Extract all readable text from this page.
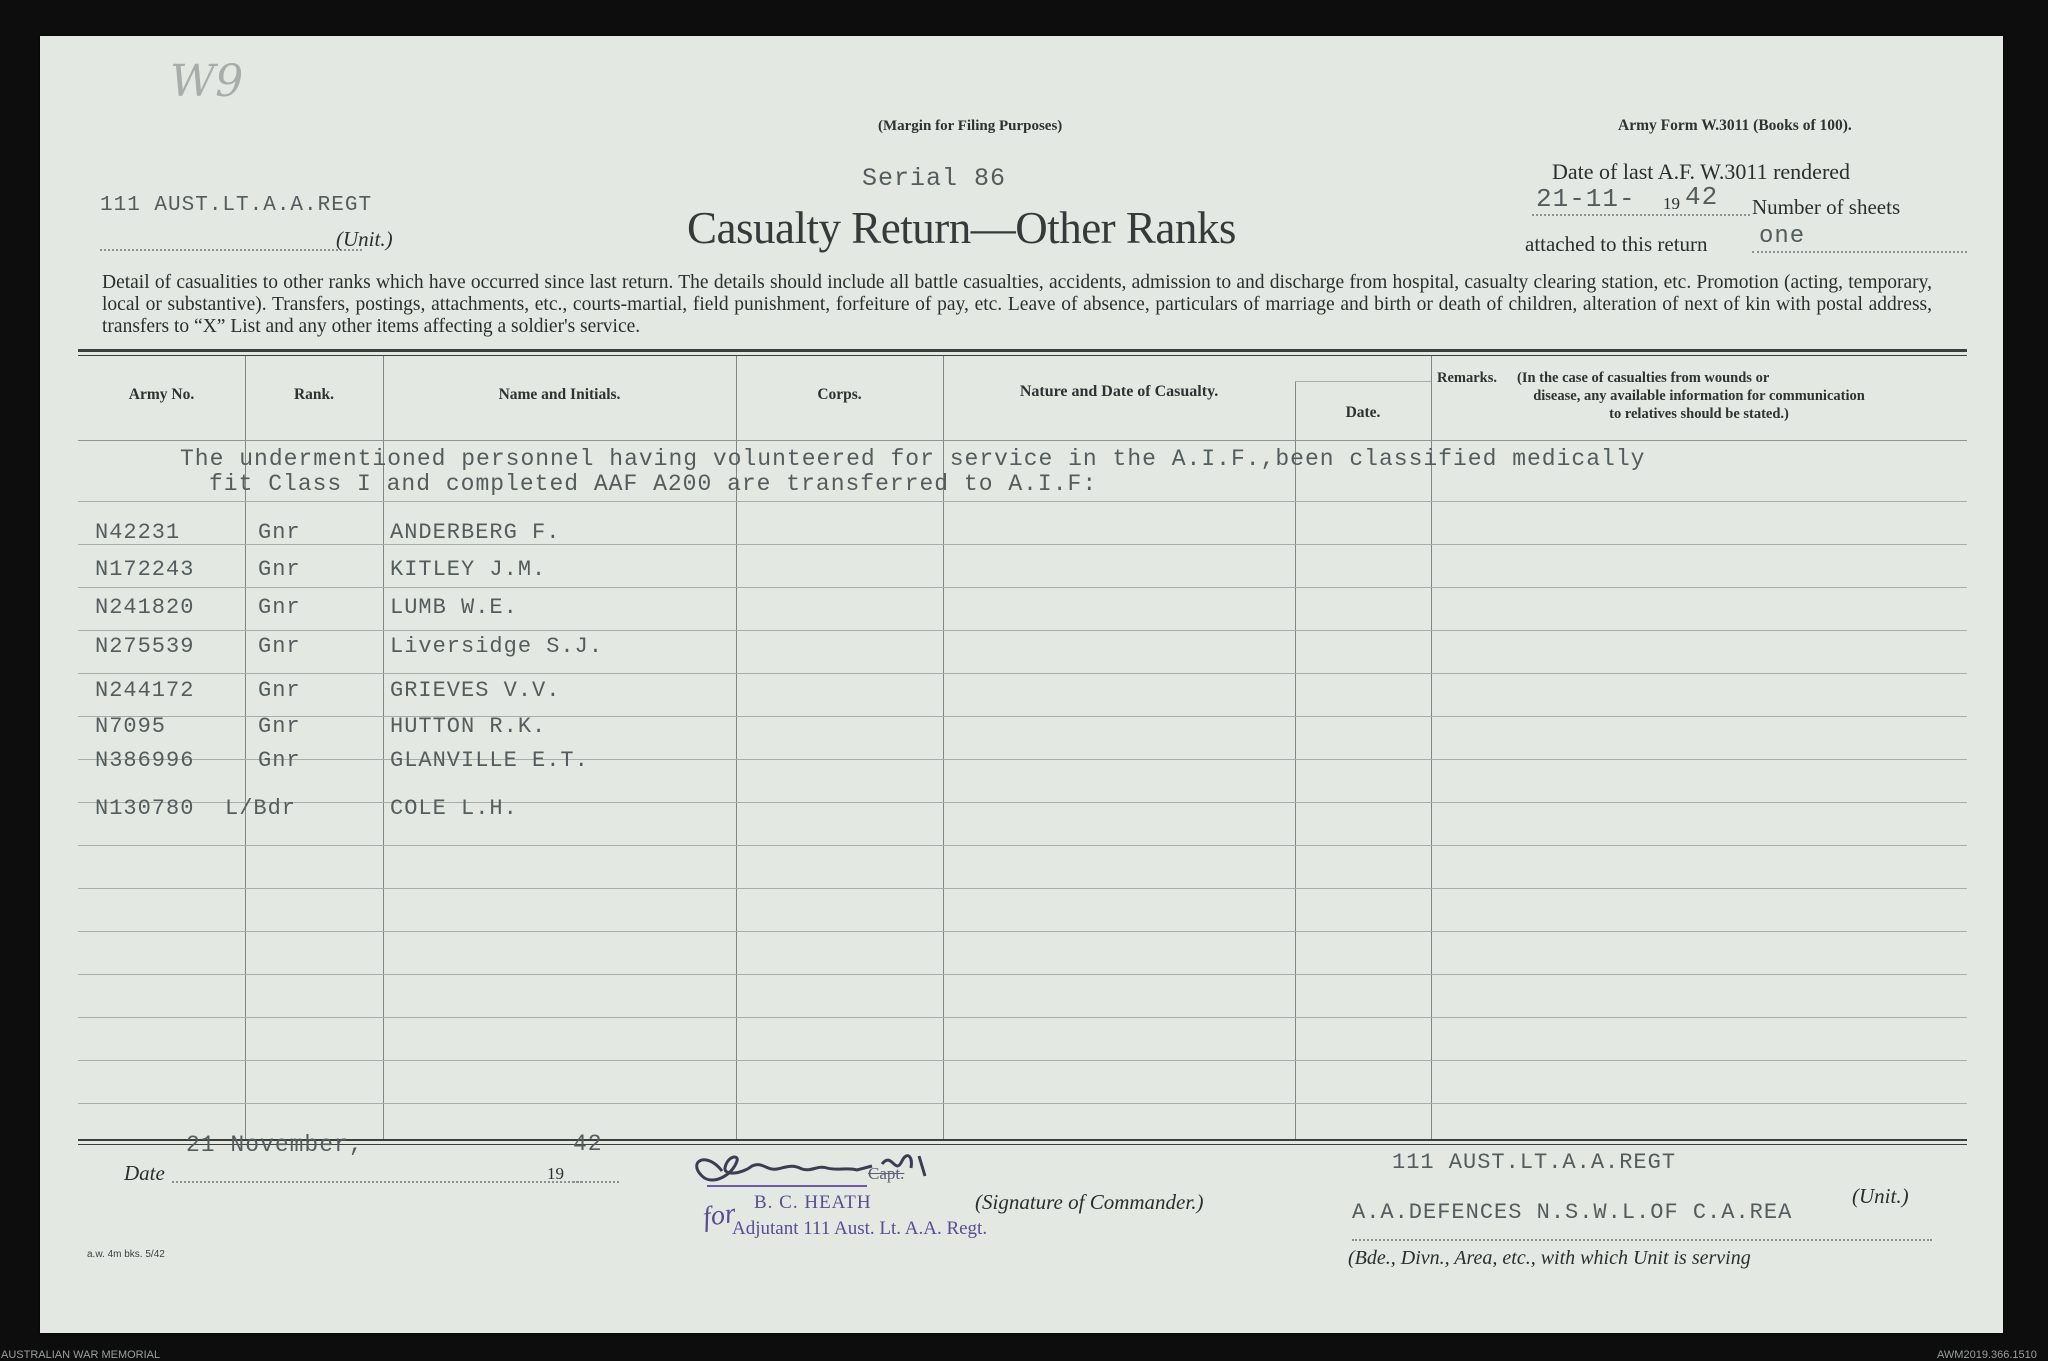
W9
(Margin for Filing Purposes)	Army Form W.3011 (Books of 100).
Serial 86
Casualty Return—Other Ranks
111 AUST.LT.A.A.REGT
(Unit.)
Date of last A.F. W.3011 rendered
21-11- 19 42 Number of sheets
attached to this return one
Detail of casualities to other ranks which have occurred since last return. The details should include all battle casualties, accidents, admission to and discharge from hospital, casualty clearing station, etc. Promotion (acting, temporary, local or substantive). Transfers, postings, attachments, etc., courts-martial, field punishment, forfeiture of pay, etc. Leave of absence, particulars of marriage and birth or death of children, alteration of next of kin with postal address, transfers to “X” List and any other items affecting a soldier's service.
Army No.	Rank.	Name and Initials.	Corps.	Nature and Date of Casualty.
Date.
Remarks. (In the case of casualties from wounds or
disease, any available information for communication
to relatives should be stated.)
The undermentioned personnel having volunteered for service in the A.I.F.,been classified medically
fit Class I and completed AAF A200 are transferred to A.I.F:
N42231	Gnr	ANDERBERG F.
N172243	Gnr	KITLEY J.M.
N241820	Gnr	LUMB W.E.
N275539	Gnr	Liversidge S.J.
N244172	Gnr	GRIEVES V.V.
N7095	Gnr	HUTTON R.K.
N386996	Gnr	GLANVILLE E.T.
N130780 L/Bdr	COLE L.H.
21 November,
Date	19
42
Capt.
B. C. HEATH
for
Adjutant 111 Aust. Lt. A.A. Regt.
(Signature of Commander.)
111 AUST.LT.A.A.REGT
(Unit.)
A.A.DEFENCES N.S.W.L.OF C.A.REA
(Bde., Divn., Area, etc., with which Unit is serving
a.w. 4m bks. 5/42
AUSTRALIAN WAR MEMORIAL	AWM2019.366.1510
